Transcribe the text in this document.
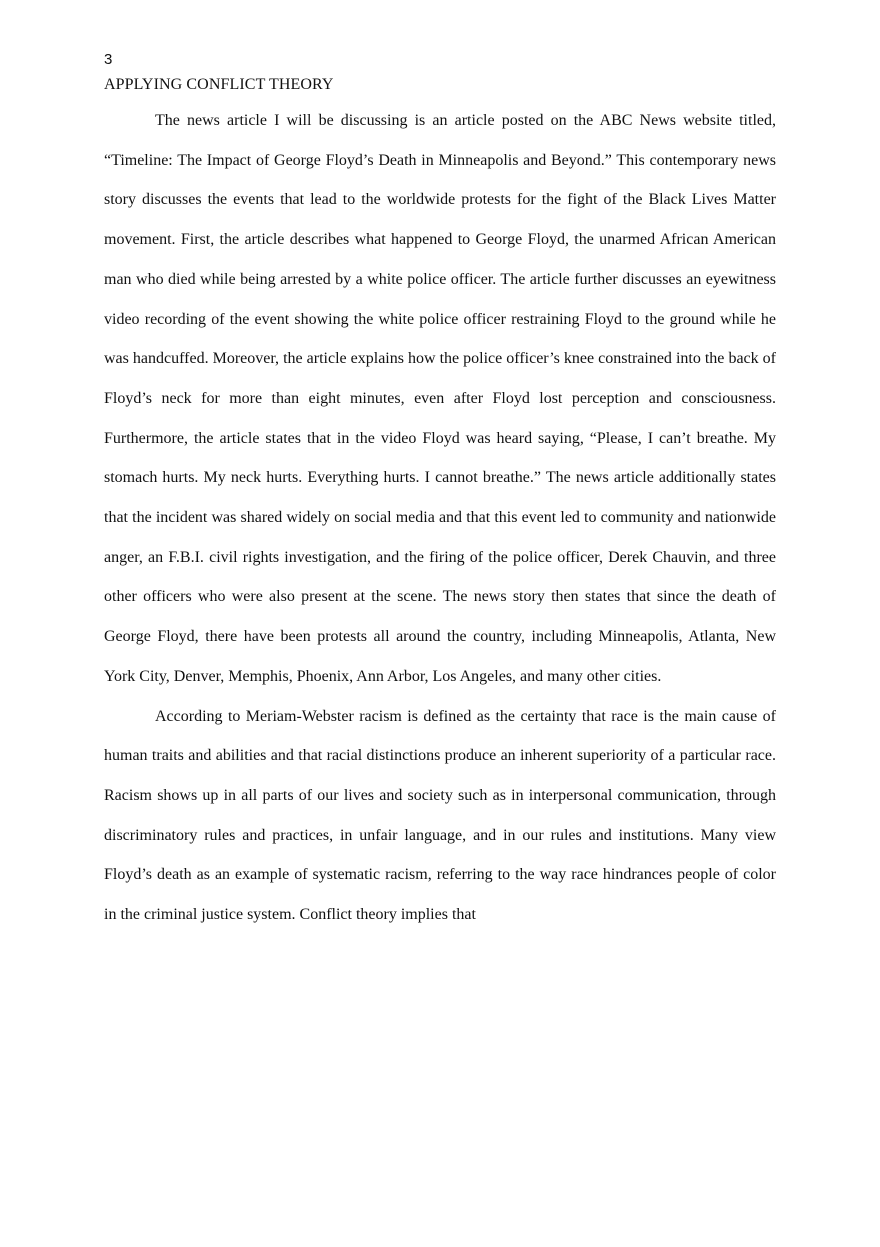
3
APPLYING CONFLICT THEORY

The news article I will be discussing is an article posted on the ABC News website titled, “Timeline: The Impact of George Floyd’s Death in Minneapolis and Beyond.” This contemporary news story discusses the events that lead to the worldwide protests for the fight of the Black Lives Matter movement. First, the article describes what happened to George Floyd, the unarmed African American man who died while being arrested by a white police officer. The article further discusses an eyewitness video recording of the event showing the white police officer restraining Floyd to the ground while he was handcuffed. Moreover, the article explains how the police officer’s knee constrained into the back of Floyd’s neck for more than eight minutes, even after Floyd lost perception and consciousness. Furthermore, the article states that in the video Floyd was heard saying, “Please, I can’t breathe. My stomach hurts. My neck hurts. Everything hurts. I cannot breathe.” The news article additionally states that the incident was shared widely on social media and that this event led to community and nationwide anger, an F.B.I. civil rights investigation, and the firing of the police officer, Derek Chauvin, and three other officers who were also present at the scene. The news story then states that since the death of George Floyd, there have been protests all around the country, including Minneapolis, Atlanta, New York City, Denver, Memphis, Phoenix, Ann Arbor, Los Angeles, and many other cities.

According to Meriam-Webster racism is defined as the certainty that race is the main cause of human traits and abilities and that racial distinctions produce an inherent superiority of a particular race. Racism shows up in all parts of our lives and society such as in interpersonal communication, through discriminatory rules and practices, in unfair language, and in our rules and institutions. Many view Floyd’s death as an example of systematic racism, referring to the way race hindrances people of color in the criminal justice system. Conflict theory implies that
